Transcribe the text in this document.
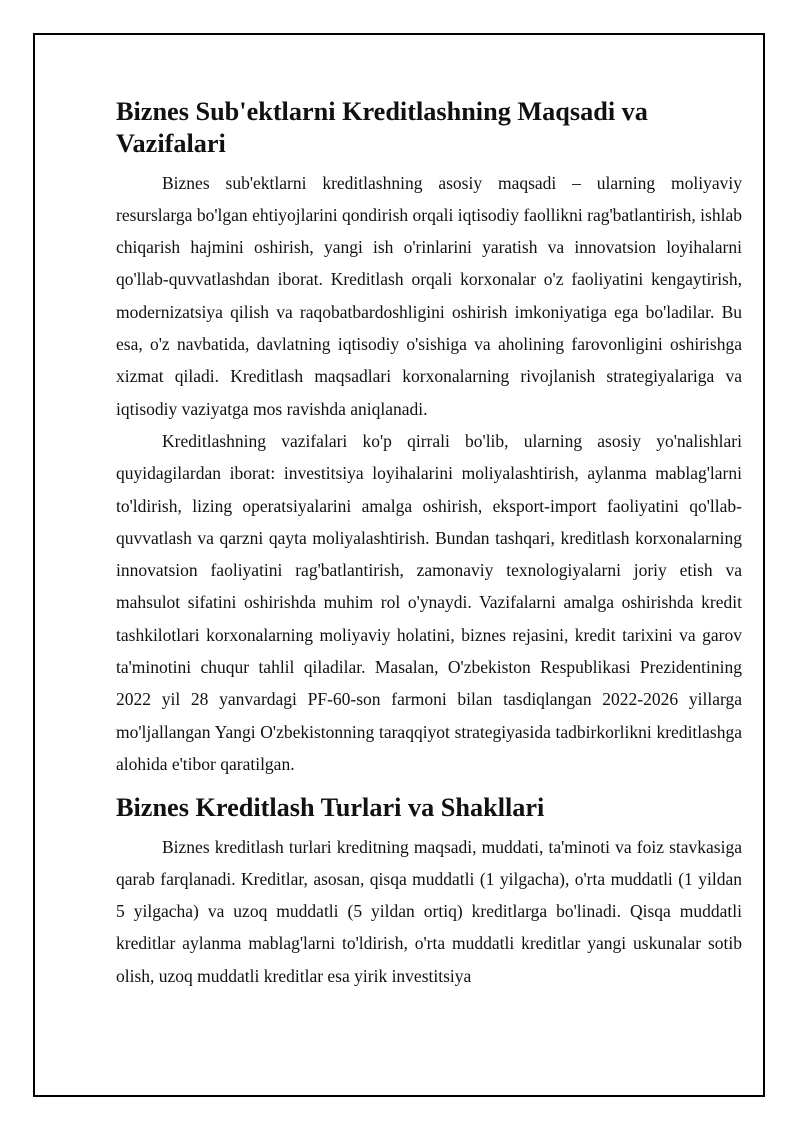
Biznes Sub'ektlarni Kreditlashning Maqsadi va Vazifalari

Biznes sub'ektlarni kreditlashning asosiy maqsadi – ularning moliyaviy resurslarga bo'lgan ehtiyojlarini qondirish orqali iqtisodiy faollikni rag'batlantirish, ishlab chiqarish hajmini oshirish, yangi ish o'rinlarini yaratish va innovatsion loyihalarni qo'llab-quvvatlashdan iborat. Kreditlash orqali korxonalar o'z faoliyatini kengaytirish, modernizatsiya qilish va raqobatbardoshligini oshirish imkoniyatiga ega bo'ladilar. Bu esa, o'z navbatida, davlatning iqtisodiy o'sishiga va aholining farovonligini oshirishga xizmat qiladi. Kreditlash maqsadlari korxonalarning rivojlanish strategiyalariga va iqtisodiy vaziyatga mos ravishda aniqlanadi.

Kreditlashning vazifalari ko'p qirrali bo'lib, ularning asosiy yo'nalishlari quyidagilardan iborat: investitsiya loyihalarini moliyalashtirish, aylanma mablag'larni to'ldirish, lizing operatsiyalarini amalga oshirish, eksport-import faoliyatini qo'llab-quvvatlash va qarzni qayta moliyalashtirish. Bundan tashqari, kreditlash korxonalarning innovatsion faoliyatini rag'batlantirish, zamonaviy texnologiyalarni joriy etish va mahsulot sifatini oshirishda muhim rol o'ynaydi. Vazifalarni amalga oshirishda kredit tashkilotlari korxonalarning moliyaviy holatini, biznes rejasini, kredit tarixini va garov ta'minotini chuqur tahlil qiladilar. Masalan, O'zbekiston Respublikasi Prezidentining 2022 yil 28 yanvardagi PF-60-son farmoni bilan tasdiqlangan 2022-2026 yillarga mo'ljallangan Yangi O'zbekistonning taraqqiyot strategiyasida tadbirkorlikni kreditlashga alohida e'tibor qaratilgan.

Biznes Kreditlash Turlari va Shakllari

Biznes kreditlash turlari kreditning maqsadi, muddati, ta'minoti va foiz stavkasiga qarab farqlanadi. Kreditlar, asosan, qisqa muddatli (1 yilgacha), o'rta muddatli (1 yildan 5 yilgacha) va uzoq muddatli (5 yildan ortiq) kreditlarga bo'linadi. Qisqa muddatli kreditlar aylanma mablag'larni to'ldirish, o'rta muddatli kreditlar yangi uskunalar sotib olish, uzoq muddatli kreditlar esa yirik investitsiya
